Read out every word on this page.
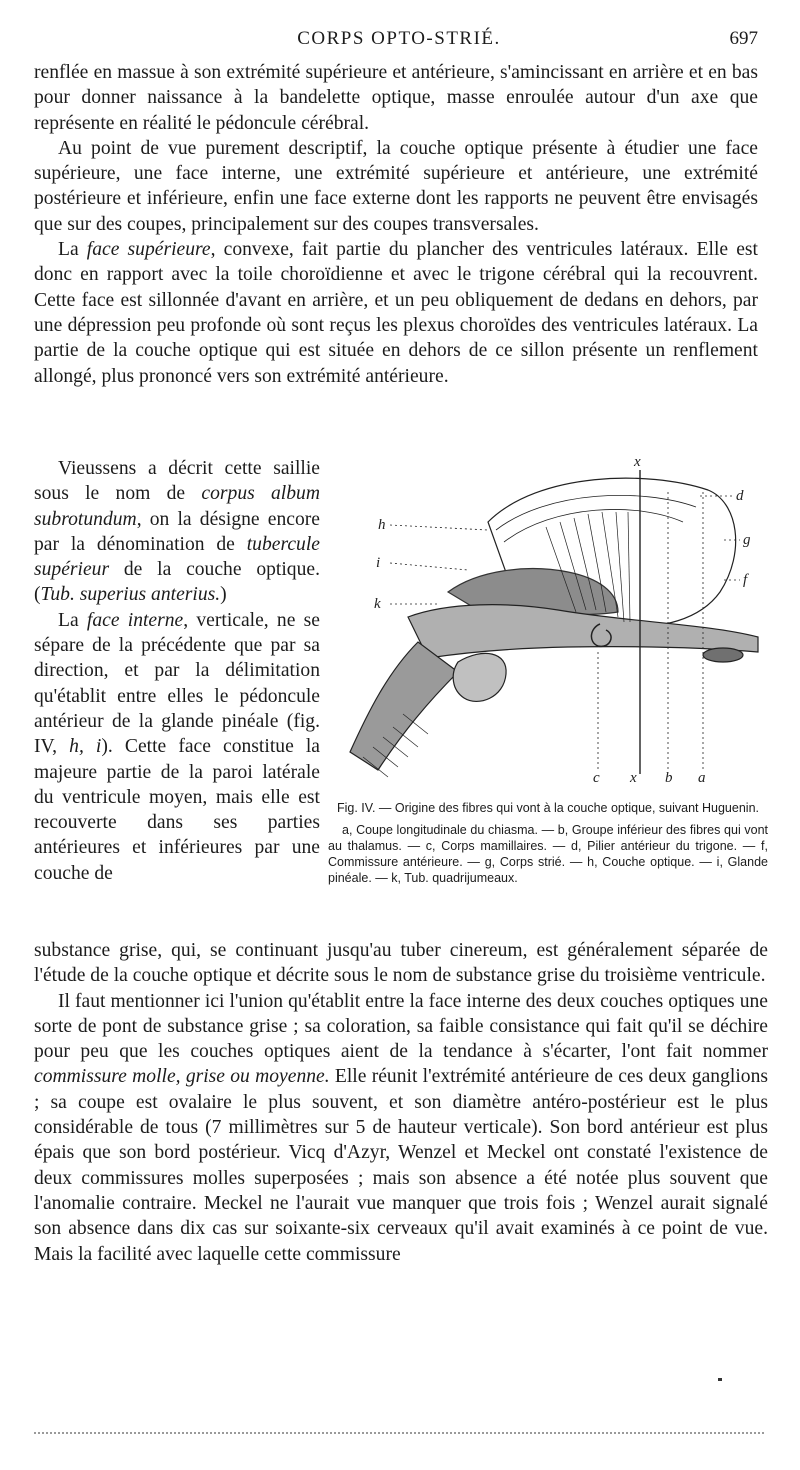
CORPS OPTO-STRIÉ.	697

renflée en massue à son extrémité supérieure et antérieure, s'amincissant en arrière et en bas pour donner naissance à la bandelette optique, masse enroulée autour d'un axe que représente en réalité le pédoncule cérébral.

Au point de vue purement descriptif, la couche optique présente à étudier une face supérieure, une face interne, une extrémité supérieure et antérieure, une extrémité postérieure et inférieure, enfin une face externe dont les rapports ne peuvent être envisagés que sur des coupes, principalement sur des coupes transversales.

La face supérieure, convexe, fait partie du plancher des ventricules latéraux. Elle est donc en rapport avec la toile choroïdienne et avec le trigone cérébral qui la recouvrent. Cette face est sillonnée d'avant en arrière, et un peu obliquement de dedans en dehors, par une dépression peu profonde où sont reçus les plexus choroïdes des ventricules latéraux. La partie de la couche optique qui est située en dehors de ce sillon présente un renflement allongé, plus prononcé vers son extrémité antérieure.

Vieussens a décrit cette saillie sous le nom de corpus album subrotundum, on la désigne encore par la dénomination de tubercule supérieur de la couche optique. (Tub. superius anterius.)

La face interne, verticale, ne se sépare de la précédente que par sa direction, et par la délimitation qu'établit entre elles le pédoncule antérieur de la glande pinéale (fig. IV, h, i). Cette face constitue la majeure partie de la paroi latérale du ventricule moyen, mais elle est recouverte dans ses parties antérieures et inférieures par une couche de

x
d
g
f
h
i
k
c x b a

Fig. IV. — Origine des fibres qui vont à la couche optique, suivant Huguenin.

a, Coupe longitudinale du chiasma. — b, Groupe inférieur des fibres qui vont au thalamus. — c, Corps mamillaires. — d, Pilier antérieur du trigone. — f, Commissure antérieure. — g, Corps strié. — h, Couche optique. — i, Glande pinéale. — k, Tub. quadrijumeaux.

substance grise, qui, se continuant jusqu'au tuber cinereum, est généralement séparée de l'étude de la couche optique et décrite sous le nom de substance grise du troisième ventricule.

Il faut mentionner ici l'union qu'établit entre la face interne des deux couches optiques une sorte de pont de substance grise ; sa coloration, sa faible consistance qui fait qu'il se déchire pour peu que les couches optiques aient de la tendance à s'écarter, l'ont fait nommer commissure molle, grise ou moyenne. Elle réunit l'extrémité antérieure de ces deux ganglions ; sa coupe est ovalaire le plus souvent, et son diamètre antéro-postérieur est le plus considérable de tous (7 millimètres sur 5 de hauteur verticale). Son bord antérieur est plus épais que son bord postérieur. Vicq d'Azyr, Wenzel et Meckel ont constaté l'existence de deux commissures molles superposées ; mais son absence a été notée plus souvent que l'anomalie contraire. Meckel ne l'aurait vue manquer que trois fois ; Wenzel aurait signalé son absence dans dix cas sur soixante-six cerveaux qu'il avait examinés à ce point de vue. Mais la facilité avec laquelle cette commissure
